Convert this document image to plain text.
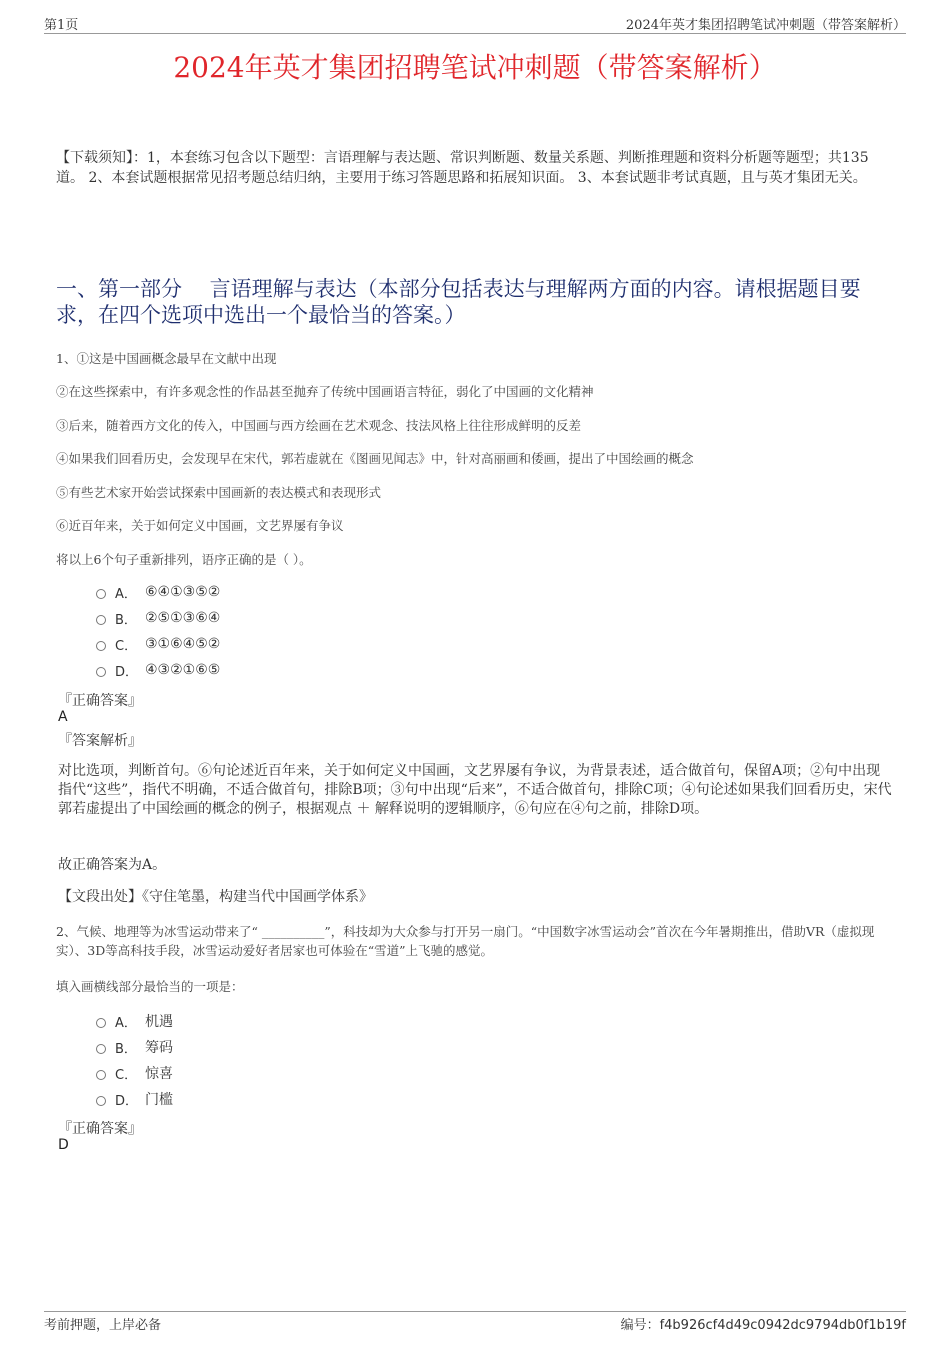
第1页	2024年英才集团招聘笔试冲刺题（带答案解析）
2024年英才集团招聘笔试冲刺题（带答案解析）
【下载须知】：1，本套练习包含以下题型：言语理解与表达题、常识判断题、数量关系题、判断推理题和资料分析题等题型；共135道。 2、本套试题根据常见招考题总结归纳，主要用于练习答题思路和拓展知识面。 3、本套试题非考试真题，且与英才集团无关。
一、第一部分　 言语理解与表达（本部分包括表达与理解两方面的内容。请根据题目要求，在四个选项中选出一个最恰当的答案。）
1、①这是中国画概念最早在文献中出现
②在这些探索中，有许多观念性的作品甚至抛弃了传统中国画语言特征，弱化了中国画的文化精神
③后来，随着西方文化的传入，中国画与西方绘画在艺术观念、技法风格上往往形成鲜明的反差
④如果我们回看历史，会发现早在宋代，郭若虚就在《图画见闻志》中，针对高丽画和倭画，提出了中国绘画的概念
⑤有些艺术家开始尝试探索中国画新的表达模式和表现形式
⑥近百年来，关于如何定义中国画，文艺界屡有争议
将以上6个句子重新排列，语序正确的是（ ）。
A． ⑥④①③⑤②
B． ②⑤①③⑥④
C． ③①⑥④⑤②
D． ④③②①⑥⑤
『正确答案』
A
『答案解析』
对比选项，判断首句。⑥句论述近百年来，关于如何定义中国画，文艺界屡有争议，为背景表述，适合做首句，保留A项；②句中出现指代“这些”，指代不明确，不适合做首句，排除B项；③句中出现“后来”，不适合做首句，排除C项；④句论述如果我们回看历史，宋代郭若虚提出了中国绘画的概念的例子，根据观点 ＋ 解释说明的逻辑顺序，⑥句应在④句之前，排除D项。
故正确答案为A。
【文段出处】《守住笔墨，构建当代中国画学体系》
2、气候、地理等为冰雪运动带来了“ __________”，科技却为大众参与打开另一扇门。“中国数字冰雪运动会”首次在今年暑期推出，借助VR（虚拟现实）、3D等高科技手段，冰雪运动爱好者居家也可体验在“雪道”上飞驰的感觉。
填入画横线部分最恰当的一项是：
A． 机遇
B． 筹码
C． 惊喜
D． 门槛
『正确答案』
D
考前押题，上岸必备	编号：f4b926cf4d49c0942dc9794db0f1b19f
